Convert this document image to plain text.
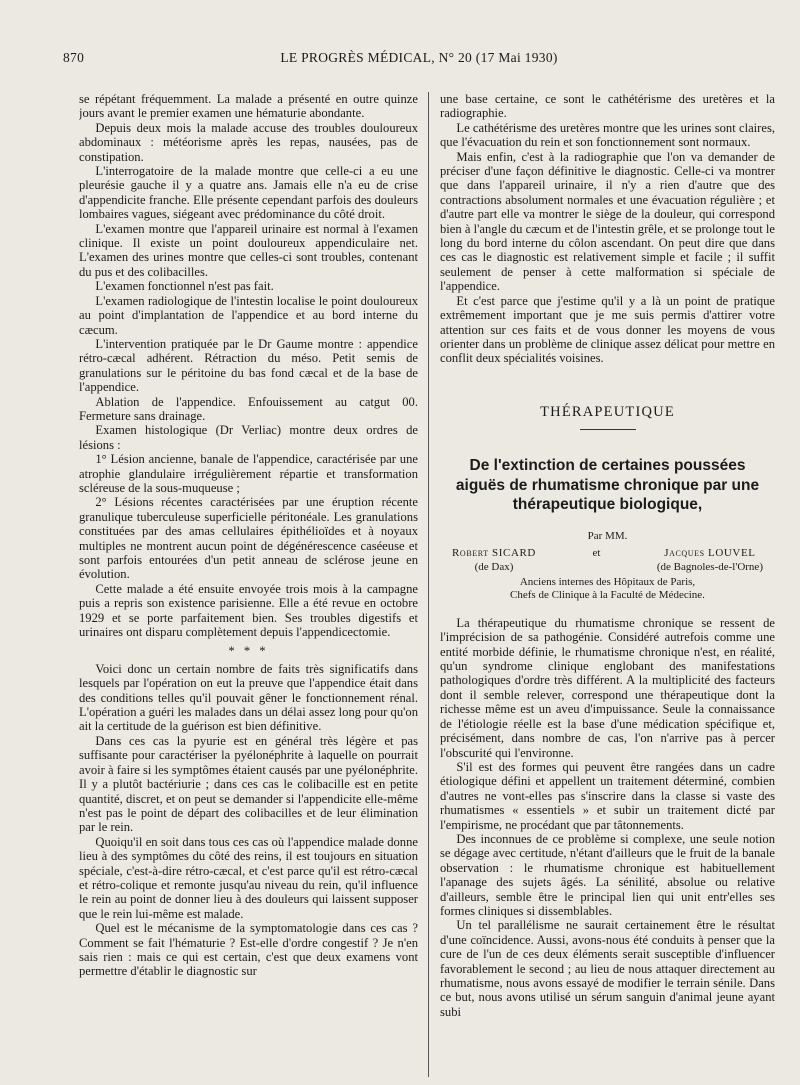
870	LE PROGRÈS MÉDICAL, N° 20 (17 Mai 1930)

se répétant fréquemment. La malade a présenté en outre quinze jours avant le premier examen une hématurie abondante.

Depuis deux mois la malade accuse des troubles douloureux abdominaux : météorisme après les repas, nausées, pas de constipation.

L'interrogatoire de la malade montre que celle-ci a eu une pleurésie gauche il y a quatre ans. Jamais elle n'a eu de crise d'appendicite franche. Elle présente cependant parfois des douleurs lombaires vagues, siégeant avec prédominance du côté droit.

L'examen montre que l'appareil urinaire est normal à l'examen clinique. Il existe un point douloureux appendiculaire net. L'examen des urines montre que celles-ci sont troubles, contenant du pus et des colibacilles.

L'examen fonctionnel n'est pas fait.

L'examen radiologique de l'intestin localise le point douloureux au point d'implantation de l'appendice et au bord interne du cæcum.

L'intervention pratiquée par le Dr Gaume montre : appendice rétro-cæcal adhérent. Rétraction du méso. Petit semis de granulations sur le péritoine du bas fond cæcal et de la base de l'appendice.

Ablation de l'appendice. Enfouissement au catgut 00. Fermeture sans drainage.

Examen histologique (Dr Verliac) montre deux ordres de lésions :

1° Lésion ancienne, banale de l'appendice, caractérisée par une atrophie glandulaire irrégulièrement répartie et transformation scléreuse de la sous-muqueuse ;

2° Lésions récentes caractérisées par une éruption récente granulique tuberculeuse superficielle péritonéale. Les granulations constituées par des amas cellulaires épithélioïdes et à noyaux multiples ne montrent aucun point de dégénérescence caséeuse et sont parfois entourées d'un petit anneau de sclérose jeune en évolution.

Cette malade a été ensuite envoyée trois mois à la campagne puis a repris son existence parisienne. Elle a été revue en octobre 1929 et se porte parfaitement bien. Ses troubles digestifs et urinaires ont disparu complètement depuis l'appendicectomie.

* * *

Voici donc un certain nombre de faits très significatifs dans lesquels par l'opération on eut la preuve que l'appendice était dans des conditions telles qu'il pouvait gêner le fonctionnement rénal. L'opération a guéri les malades dans un délai assez long pour qu'on ait la certitude de la guérison est bien définitive.

Dans ces cas la pyurie est en général très légère et pas suffisante pour caractériser la pyélonéphrite à laquelle on pourrait avoir à faire si les symptômes étaient causés par une pyélonéphrite. Il y a plutôt bactériurie ; dans ces cas le colibacille est en petite quantité, discret, et on peut se demander si l'appendicite elle-même n'est pas le point de départ des colibacilles et de leur élimination par le rein.

Quoiqu'il en soit dans tous ces cas où l'appendice malade donne lieu à des symptômes du côté des reins, il est toujours en situation spéciale, c'est-à-dire rétro-cæcal, et c'est parce qu'il est rétro-cæcal et rétro-colique et remonte jusqu'au niveau du rein, qu'il influence le rein au point de donner lieu à des douleurs qui laissent supposer que le rein lui-même est malade.

Quel est le mécanisme de la symptomatologie dans ces cas ? Comment se fait l'hématurie ? Est-elle d'ordre congestif ? Je n'en sais rien : mais ce qui est certain, c'est que deux examens vont permettre d'établir le diagnostic sur

une base certaine, ce sont le cathétérisme des uretères et la radiographie.

Le cathétérisme des uretères montre que les urines sont claires, que l'évacuation du rein et son fonctionnement sont normaux.

Mais enfin, c'est à la radiographie que l'on va demander de préciser d'une façon définitive le diagnostic. Celle-ci va montrer que dans l'appareil urinaire, il n'y a rien d'autre que des contractions absolument normales et une évacuation régulière ; et d'autre part elle va montrer le siège de la douleur, qui correspond bien à l'angle du cæcum et de l'intestin grêle, et se prolonge tout le long du bord interne du côlon ascendant. On peut dire que dans ces cas le diagnostic est relativement simple et facile ; il suffit seulement de penser à cette malformation si spéciale de l'appendice.

Et c'est parce que j'estime qu'il y a là un point de pratique extrêmement important que je me suis permis d'attirer votre attention sur ces faits et de vous donner les moyens de vous orienter dans un problème de clinique assez délicat pour mettre en conflit deux spécialités voisines.

THÉRAPEUTIQUE
De l'extinction de certaines poussées aiguës de rhumatisme chronique par une thérapeutique biologique,
Par MM.
Robert SICARD
(de Dax)
et	Jacques LOUVEL
(de Bagnoles-de-l'Orne)
Anciens internes des Hôpitaux de Paris,
Chefs de Clinique à la Faculté de Médecine.

La thérapeutique du rhumatisme chronique se ressent de l'imprécision de sa pathogénie. Considéré autrefois comme une entité morbide définie, le rhumatisme chronique n'est, en réalité, qu'un syndrome clinique englobant des manifestations pathologiques d'ordre très différent. A la multiplicité des facteurs dont il semble relever, correspond une thérapeutique dont la richesse même est un aveu d'impuissance. Seule la connaissance de l'étiologie réelle est la base d'une médication spécifique et, précisément, dans nombre de cas, l'on n'arrive pas à percer l'obscurité qui l'environne.

S'il est des formes qui peuvent être rangées dans un cadre étiologique défini et appellent un traitement déterminé, combien d'autres ne vont-elles pas s'inscrire dans la classe si vaste des rhumatismes « essentiels » et subir un traitement dicté par l'empirisme, ne procédant que par tâtonnements.

Des inconnues de ce problème si complexe, une seule notion se dégage avec certitude, n'étant d'ailleurs que le fruit de la banale observation : le rhumatisme chronique est habituellement l'apanage des sujets âgés. La sénilité, absolue ou relative d'ailleurs, semble être le principal lien qui unit entr'elles ses formes cliniques si dissemblables.

Un tel parallélisme ne saurait certainement être le résultat d'une coïncidence. Aussi, avons-nous été conduits à penser que la cure de l'un de ces deux éléments serait susceptible d'influencer favorablement le second ; au lieu de nous attaquer directement au rhumatisme, nous avons essayé de modifier le terrain sénile. Dans ce but, nous avons utilisé un sérum sanguin d'animal jeune ayant subi
